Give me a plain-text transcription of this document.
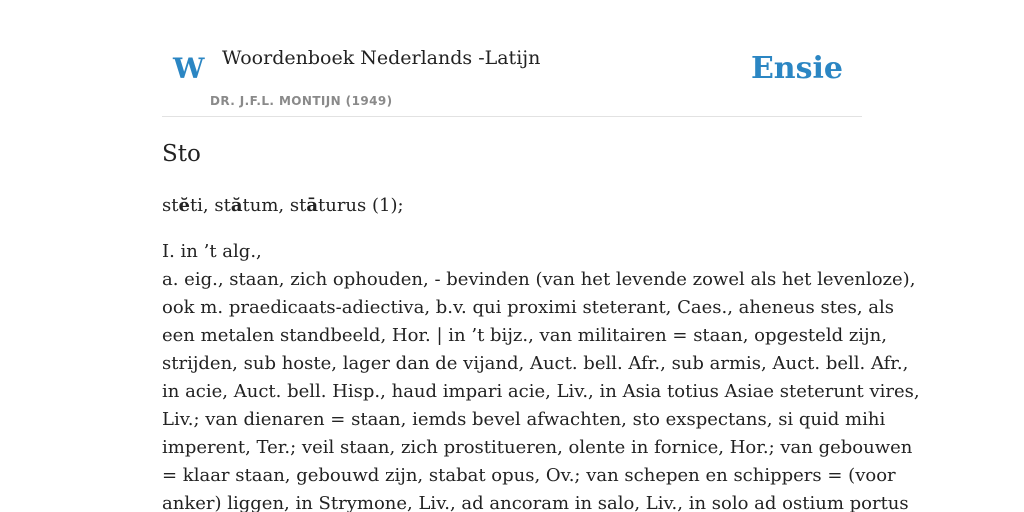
W Woordenboek Nederlands -Latijn
DR. J.F.L. MONTIJN (1949)
Ensie
Sto

stĕti, stătum, stāturus (1);

I. in ’t alg.,
a. eig., staan, zich ophouden, - bevinden (van het levende zowel als het levenloze),
ook m. praedicaats-adiectiva, b.v. qui proximi steterant, Caes., aheneus stes, als
een metalen standbeeld, Hor. | in ’t bijz., van militairen = staan, opgesteld zijn,
strijden, sub hoste, lager dan de vijand, Auct. bell. Afr., sub armis, Auct. bell. Afr.,
in acie, Auct. bell. Hisp., haud impari acie, Liv., in Asia totius Asiae steterunt vires,
Liv.; van dienaren = staan, iemds bevel afwachten, sto exspectans, si quid mihi
imperent, Ter.; veil staan, zich prostitueren, olente in fornice, Hor.; van gebouwen
= klaar staan, gebouwd zijn, stabat opus, Ov.; van schepen en schippers = (voor
anker) liggen, in Strymone, Liv., ad ancoram in salo, Liv., in solo ad ostium portus
